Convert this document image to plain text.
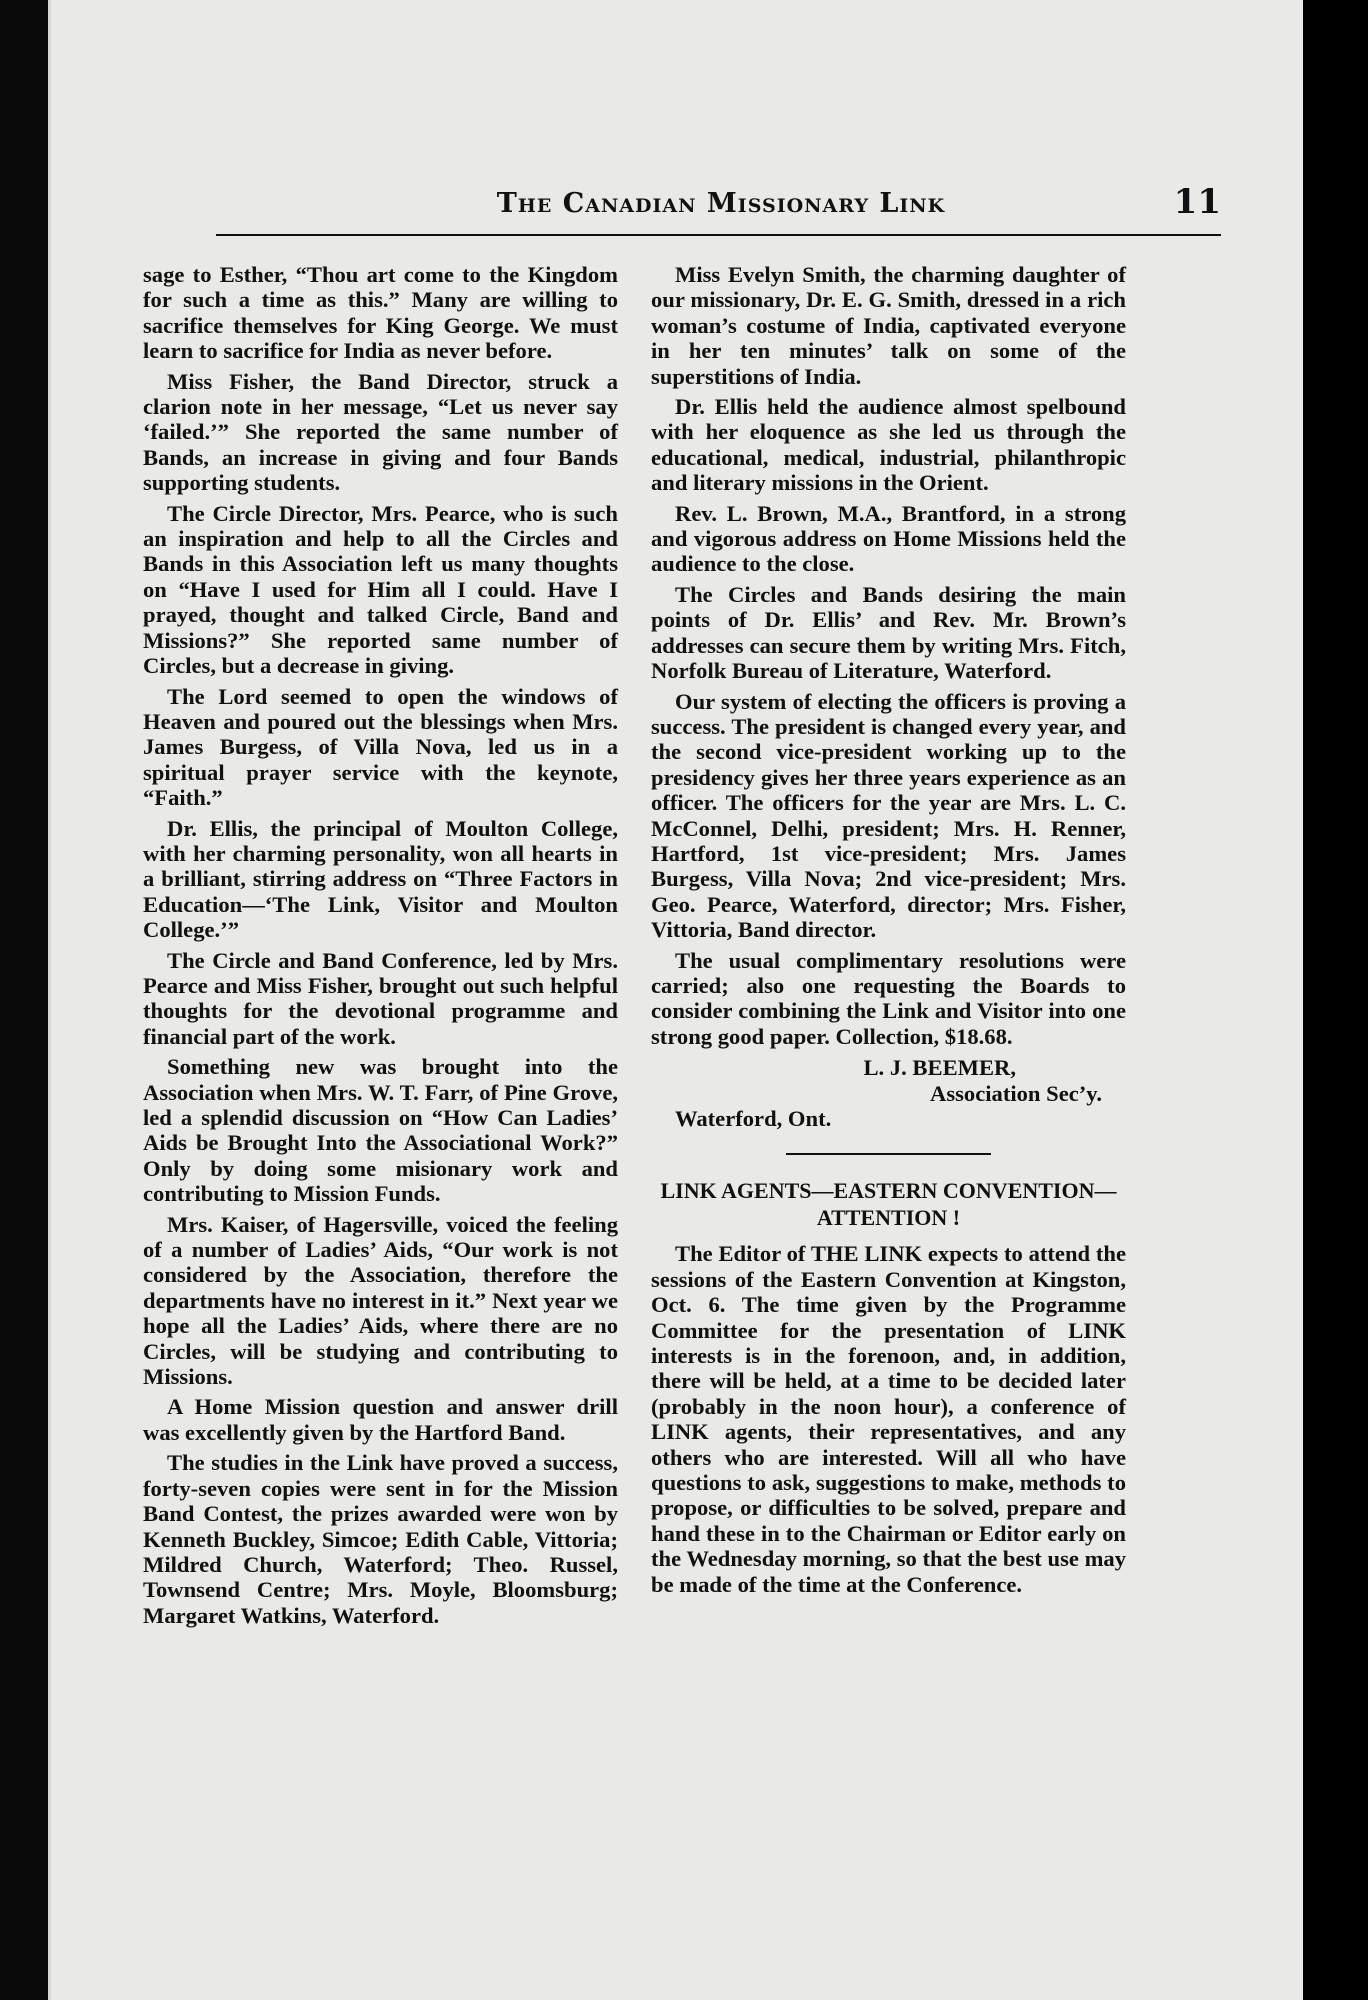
The Canadian Missionary Link	11

sage to Esther, “Thou art come to the Kingdom for such a time as this.” Many are willing to sacrifice themselves for King George. We must learn to sacrifice for India as never before.

Miss Fisher, the Band Director, struck a clarion note in her message, “Let us never say ‘failed.’” She reported the same number of Bands, an increase in giving and four Bands supporting students.

The Circle Director, Mrs. Pearce, who is such an inspiration and help to all the Circles and Bands in this Association left us many thoughts on “Have I used for Him all I could. Have I prayed, thought and talked Circle, Band and Missions?” She reported same number of Circles, but a decrease in giving.

The Lord seemed to open the windows of Heaven and poured out the blessings when Mrs. James Burgess, of Villa Nova, led us in a spiritual prayer service with the keynote, “Faith.”

Dr. Ellis, the principal of Moulton College, with her charming personality, won all hearts in a brilliant, stirring address on “Three Factors in Education—‘The Link, Visitor and Moulton College.’”

The Circle and Band Conference, led by Mrs. Pearce and Miss Fisher, brought out such helpful thoughts for the devotional programme and financial part of the work.

Something new was brought into the Association when Mrs. W. T. Farr, of Pine Grove, led a splendid discussion on “How Can Ladies’ Aids be Brought Into the Associational Work?” Only by doing some misionary work and contributing to Mission Funds.

Mrs. Kaiser, of Hagersville, voiced the feeling of a number of Ladies’ Aids, “Our work is not considered by the Association, therefore the departments have no interest in it.” Next year we hope all the Ladies’ Aids, where there are no Circles, will be studying and contributing to Missions.

A Home Mission question and answer drill was excellently given by the Hartford Band.

The studies in the Link have proved a success, forty-seven copies were sent in for the Mission Band Contest, the prizes awarded were won by Kenneth Buckley, Simcoe; Edith Cable, Vittoria; Mildred Church, Waterford; Theo. Russel, Townsend Centre; Mrs. Moyle, Bloomsburg; Margaret Watkins, Waterford.

Miss Evelyn Smith, the charming daughter of our missionary, Dr. E. G. Smith, dressed in a rich woman’s costume of India, captivated everyone in her ten minutes’ talk on some of the superstitions of India.

Dr. Ellis held the audience almost spelbound with her eloquence as she led us through the educational, medical, industrial, philanthropic and literary missions in the Orient.

Rev. L. Brown, M.A., Brantford, in a strong and vigorous address on Home Missions held the audience to the close.

The Circles and Bands desiring the main points of Dr. Ellis’ and Rev. Mr. Brown’s addresses can secure them by writing Mrs. Fitch, Norfolk Bureau of Literature, Waterford.

Our system of electing the officers is proving a success. The president is changed every year, and the second vice-president working up to the presidency gives her three years experience as an officer. The officers for the year are Mrs. L. C. McConnel, Delhi, president; Mrs. H. Renner, Hartford, 1st vice-president; Mrs. James Burgess, Villa Nova; 2nd vice-president; Mrs. Geo. Pearce, Waterford, director; Mrs. Fisher, Vittoria, Band director.

The usual complimentary resolutions were carried; also one requesting the Boards to consider combining the Link and Visitor into one strong good paper. Collection, $18.68.

L. J. BEEMER,
Association Sec’y.
Waterford, Ont.
LINK AGENTS—EASTERN CONVENTION—ATTENTION !

The Editor of THE LINK expects to attend the sessions of the Eastern Convention at Kingston, Oct. 6. The time given by the Programme Committee for the presentation of LINK interests is in the forenoon, and, in addition, there will be held, at a time to be decided later (probably in the noon hour), a conference of LINK agents, their representatives, and any others who are interested. Will all who have questions to ask, suggestions to make, methods to propose, or difficulties to be solved, prepare and hand these in to the Chairman or Editor early on the Wednesday morning, so that the best use may be made of the time at the Conference.
